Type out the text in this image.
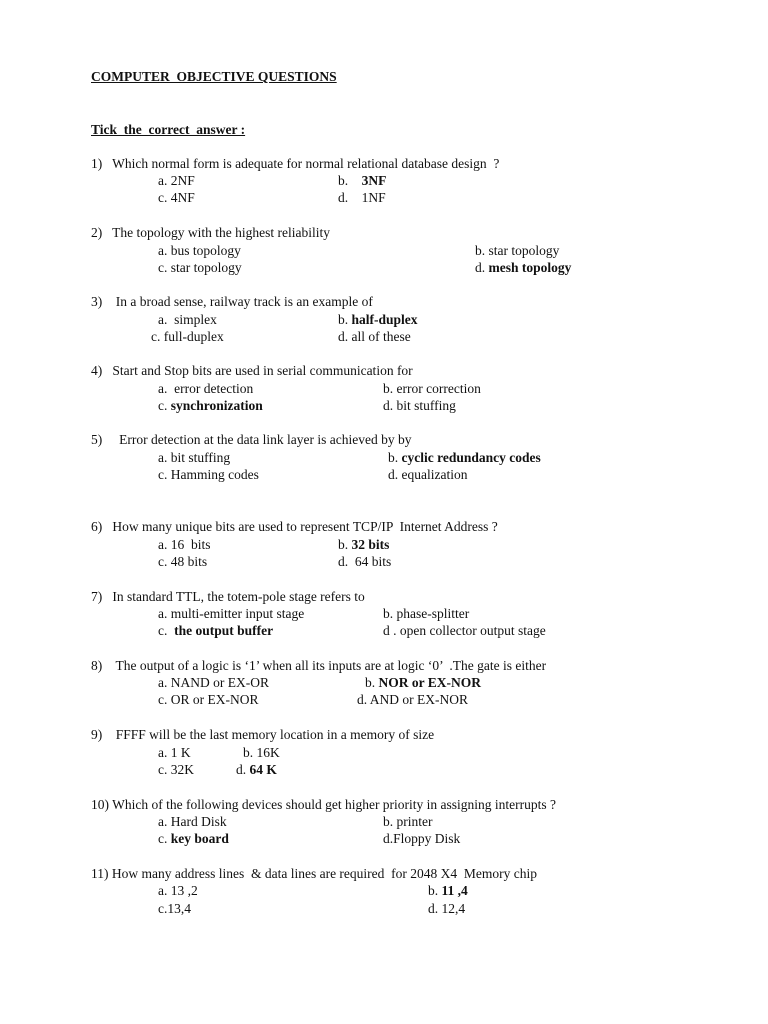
COMPUTER  OBJECTIVE QUESTIONS
Tick  the  correct  answer :
1)   Which normal form is adequate for normal relational database design  ?
a. 2NF	b.    3NF
c. 4NF	d.    1NF
2)   The topology with the highest reliability
a. bus topology	b. star topology
c. star topology	d. mesh topology
3)    In a broad sense, railway track is an example of
a.  simplex	b. half-duplex
c. full-duplex	d. all of these
4)   Start and Stop bits are used in serial communication for
a.  error detection	b. error correction
c. synchronization	d. bit stuffing
5)     Error detection at the data link layer is achieved by by
a. bit stuffing	b. cyclic redundancy codes
c. Hamming codes	d. equalization
6)   How many unique bits are used to represent TCP/IP  Internet Address ?
a. 16  bits	b. 32 bits
c. 48 bits	d.  64 bits
7)   In standard TTL, the totem-pole stage refers to
a. multi-emitter input stage	b. phase-splitter
c.  the output buffer	d . open collector output stage
8)    The output of a logic is ‘1’ when all its inputs are at logic ‘0’  .The gate is either
a. NAND or EX-OR	b. NOR or EX-NOR
c. OR or EX-NOR	d. AND or EX-NOR
9)    FFFF will be the last memory location in a memory of size
a. 1 K	b. 16K
c. 32K	d. 64 K
10) Which of the following devices should get higher priority in assigning interrupts ?
a. Hard Disk	b. printer
c. key board	d.Floppy Disk
11) How many address lines  & data lines are required  for 2048 X4  Memory chip
a. 13 ,2	b. 11 ,4
c.13,4	d. 12,4
